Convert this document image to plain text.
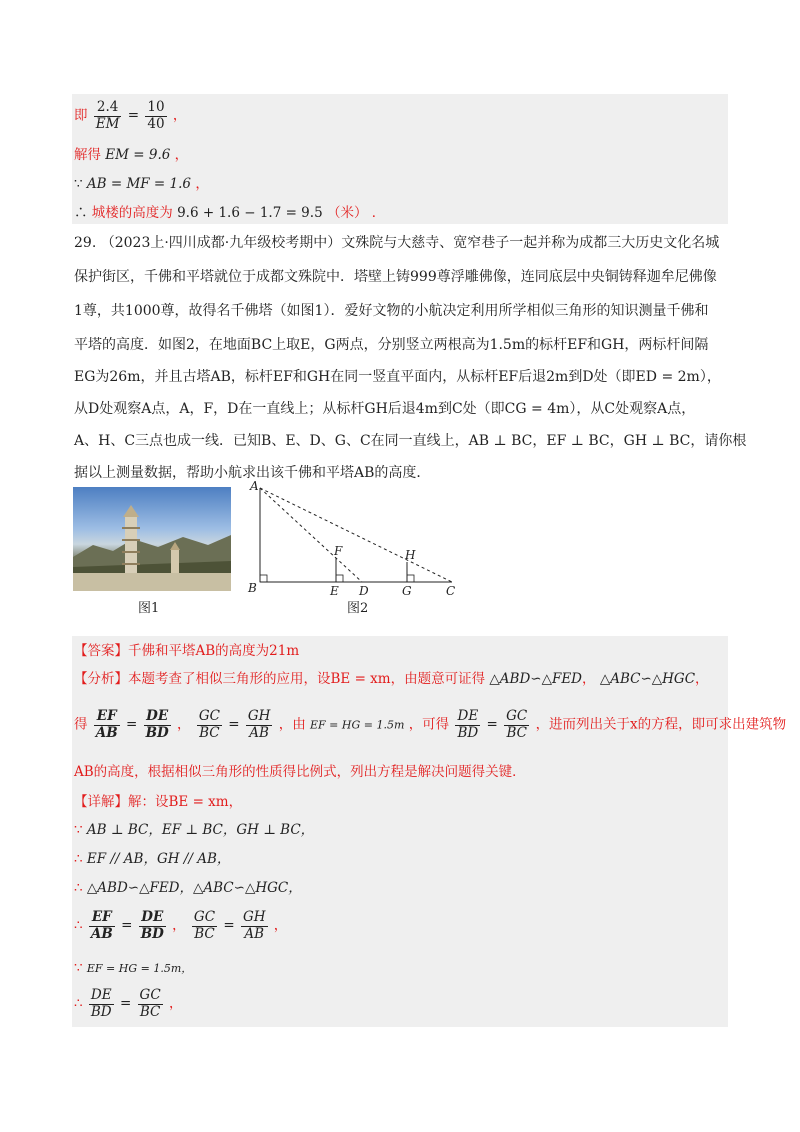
即 $\frac{2.4}{EM} = \frac{10}{40}$ ，
解得 EM = 9.6 ，
∵ AB = MF = 1.6 ，
∴ 城楼的高度为 9.6 + 1.6 − 1.7 = 9.5 （米） ．
29. （2023上·四川成都·九年级校考期中）文殊院与大慈寺、宽窄巷子一起并称为成都三大历史文化名城
保护街区，千佛和平塔就位于成都文殊院中．塔壁上铸999尊浮雕佛像，连同底层中央铜铸释迦牟尼佛像
1尊，共1000尊，故得名千佛塔（如图1）．爱好文物的小航决定利用所学相似三角形的知识测量千佛和
平塔的高度．如图2，在地面BC上取E，G两点，分别竖立两根高为1.5m的标杆EF和GH，两标杆间隔
EG为26m，并且古塔AB，标杆EF和GH在同一竖直平面内，从标杆EF后退2m到D处（即ED = 2m），
从D处观察A点，A，F，D在一直线上；从标杆GH后退4m到C处（即CG = 4m），从C处观察A点，
A、H、C三点也成一线．已知B、E、D、G、C在同一直线上，AB ⊥ BC，EF ⊥ BC，GH ⊥ BC，请你根
据以上测量数据，帮助小航求出该千佛和平塔AB的高度．
图1
A
B	E D	G	C
F	H
图2
【答案】千佛和平塔AB的高度为21m
【分析】本题考查了相似三角形的应用，设BE = xm，由题意可证得 △ABD∽△FED， △ABC∽△HGC，
得 $\frac{EF}{AB} = \frac{DE}{BD}$ ， $\frac{GC}{BC} = \frac{GH}{AB}$ ，由 EF = HG = 1.5m ，可得 $\frac{DE}{BD} = \frac{GC}{BC}$ ，进而列出关于x的方程，即可求出建筑物
AB的高度，根据相似三角形的性质得比例式，列出方程是解决问题得关键．
【详解】解：设BE = xm，
∵ AB ⊥ BC，EF ⊥ BC，GH ⊥ BC，
∴ EF // AB，GH // AB，
∴ △ABD∽△FED，△ABC∽△HGC，
∴ $\frac{EF}{AB} = \frac{DE}{BD}$ ， $\frac{GC}{BC} = \frac{GH}{AB}$ ，
∵ EF = HG = 1.5m，
∴ $\frac{DE}{BD} = \frac{GC}{BC}$ ，
